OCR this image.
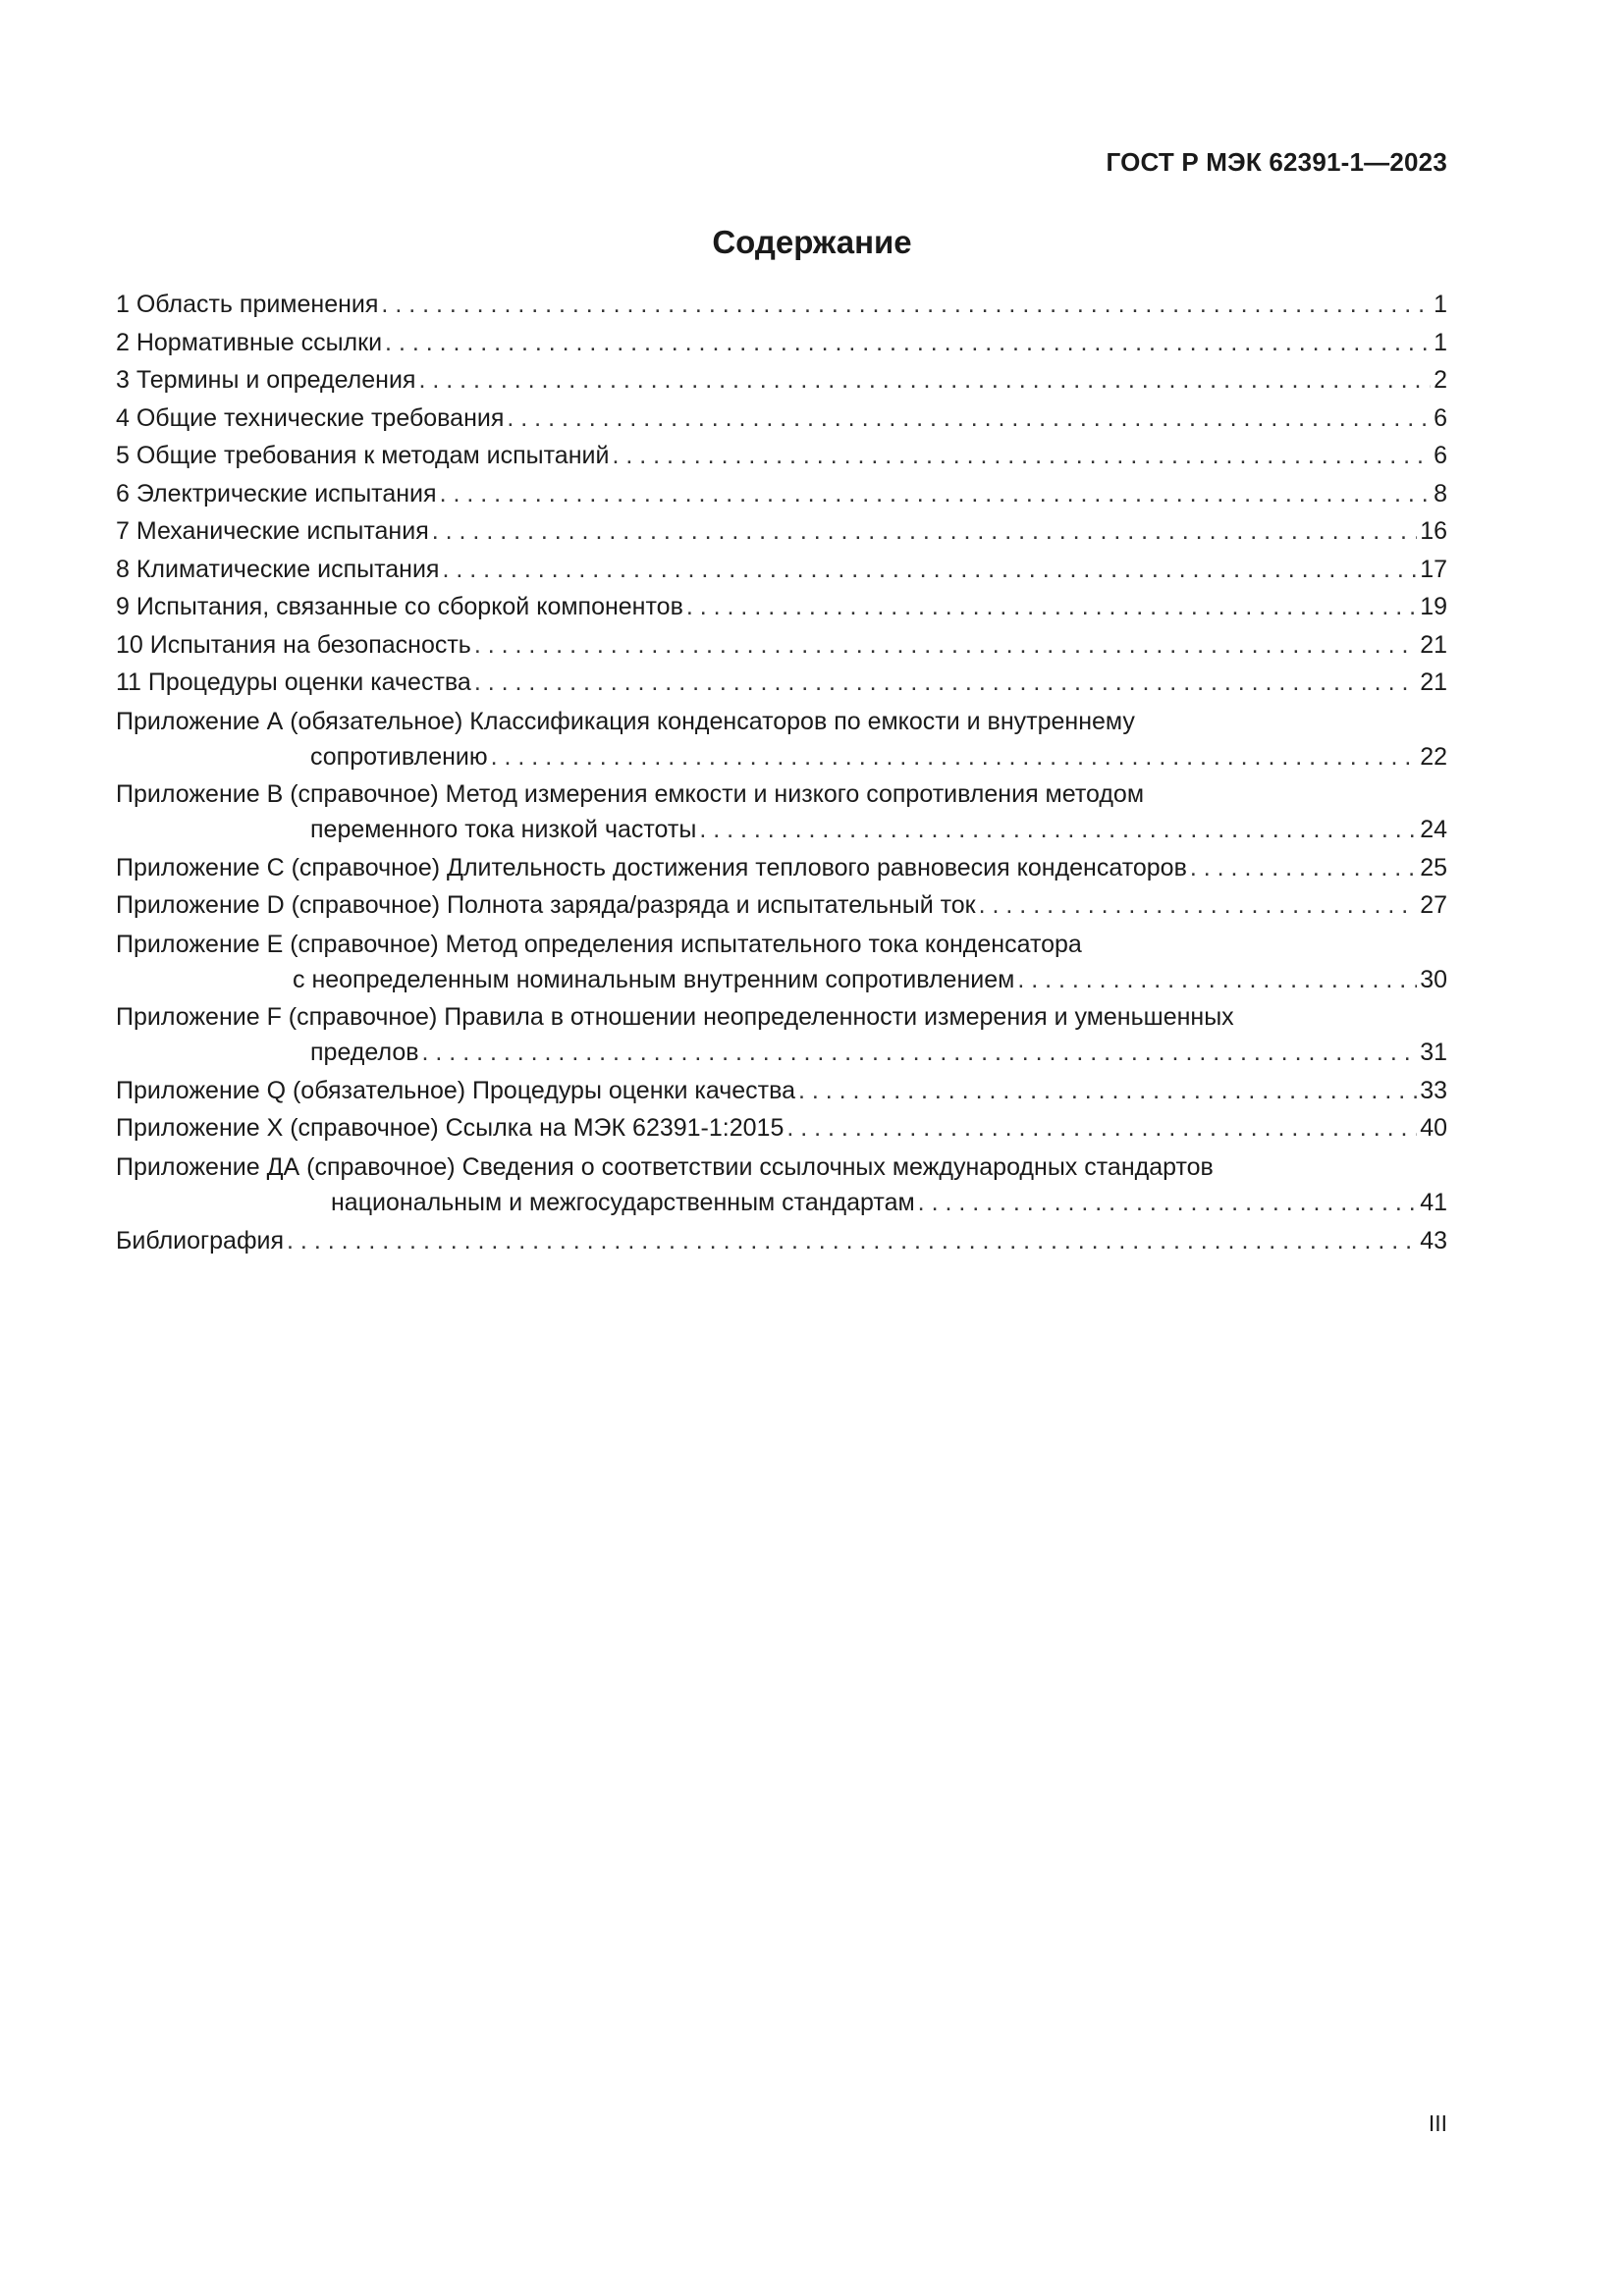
ГОСТ Р МЭК 62391-1—2023
Содержание
1 Область применения . . .	1
2 Нормативные ссылки . . .	1
3 Термины и определения . . .	2
4 Общие технические требования . . .	6
5 Общие требования к методам испытаний . . .	6
6 Электрические испытания . . .	8
7 Механические испытания . . .	16
8 Климатические испытания . . .	17
9 Испытания, связанные со сборкой компонентов . . .	19
10 Испытания на безопасность . . .	21
11 Процедуры оценки качества . . .	21
Приложение А (обязательное) Классификация конденсаторов по емкости и внутреннему
сопротивлению . . .	22
Приложение В (справочное) Метод измерения емкости и низкого сопротивления методом
переменного тока низкой частоты . . .	24
Приложение С (справочное) Длительность достижения теплового равновесия конденсаторов . . .	25
Приложение D (справочное) Полнота заряда/разряда и испытательный ток . . .	27
Приложение Е (справочное) Метод определения испытательного тока конденсатора
с неопределенным номинальным внутренним сопротивлением . . .	30
Приложение F (справочное) Правила в отношении неопределенности измерения и уменьшенных
пределов . . .	31
Приложение Q (обязательное) Процедуры оценки качества . . .	33
Приложение X (справочное) Ссылка на МЭК 62391-1:2015 . . .	40
Приложение ДА (справочное) Сведения о соответствии ссылочных международных стандартов
национальным и межгосударственным стандартам . . .	41
Библиография . . .	43
III
